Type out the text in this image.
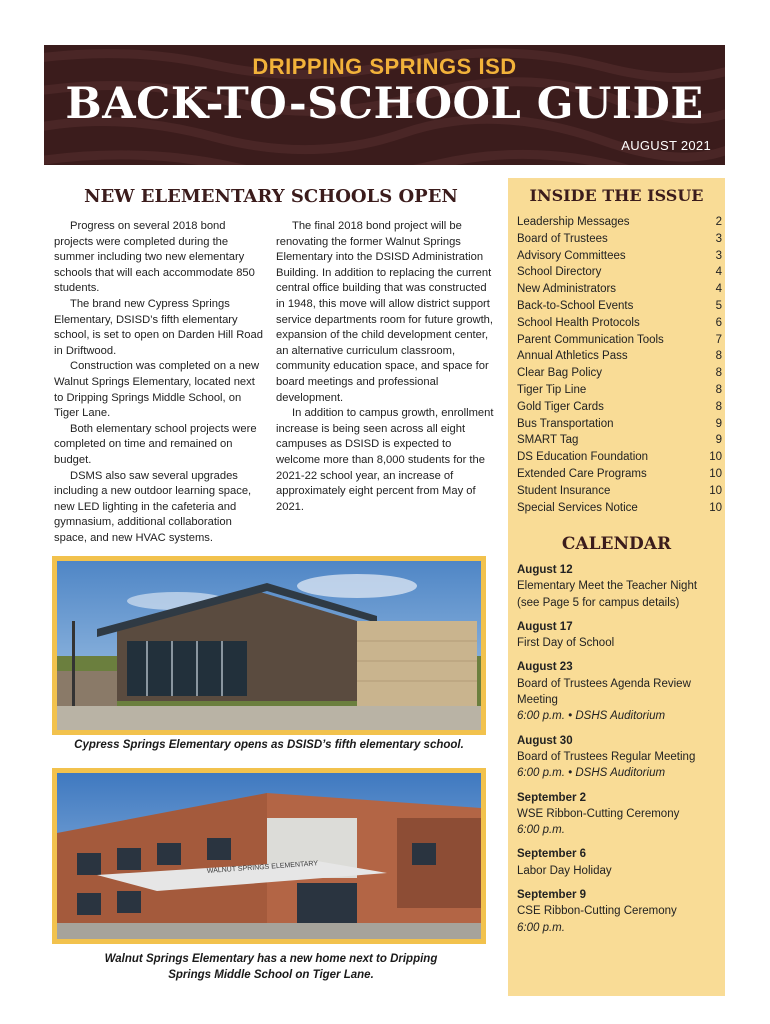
DRIPPING SPRINGS ISD
BACK-TO-SCHOOL GUIDE
AUGUST 2021
NEW ELEMENTARY SCHOOLS OPEN

Progress on several 2018 bond projects were completed during the summer including two new elementary schools that will each accommodate 850 students.

The brand new Cypress Springs Elementary, DSISD’s fifth elementary school, is set to open on Darden Hill Road in Driftwood.

Construction was completed on a new Walnut Springs Elementary, located next to Dripping Springs Middle School, on Tiger Lane.

Both elementary school projects were completed on time and remained on budget.

DSMS also saw several upgrades including a new outdoor learning space, new LED lighting in the cafeteria and gymnasium, additional collaboration space, and new HVAC systems.

The final 2018 bond project will be renovating the former Walnut Springs Elementary into the DSISD Administration Building. In addition to replacing the current central office building that was constructed in 1948, this move will allow district support service departments room for future growth, expansion of the child development center, an alternative curriculum classroom, community education space, and space for board meetings and professional development.

In addition to campus growth, enrollment increase is being seen across all eight campuses as DSISD is expected to welcome more than 8,000 students for the 2021-22 school year, an increase of approximately eight percent from May of 2021.

Cypress Springs Elementary opens as DSISD’s fifth elementary school.
WALNUT SPRINGS ELEMENTARY
Walnut Springs Elementary has a new home next to Dripping Springs Middle School on Tiger Lane.
INSIDE THE ISSUE
Leadership Messages	2
Board of Trustees	3
Advisory Committees	3
School Directory	4
New Administrators	4
Back-to-School Events	5
School Health Protocols	6
Parent Communication Tools	7
Annual Athletics Pass	8
Clear Bag Policy	8
Tiger Tip Line	8
Gold Tiger Cards	8
Bus Transportation	9
SMART Tag	9
DS Education Foundation	10
Extended Care Programs	10
Student Insurance	10
Special Services Notice	10
CALENDAR
August 12
Elementary Meet the Teacher Night (see Page 5 for campus details)
August 17
First Day of School
August 23
Board of Trustees Agenda Review Meeting
6:00 p.m. • DSHS Auditorium
August 30
Board of Trustees Regular Meeting
6:00 p.m. • DSHS Auditorium
September 2
WSE Ribbon-Cutting Ceremony
6:00 p.m.
September 6
Labor Day Holiday
September 9
CSE Ribbon-Cutting Ceremony
6:00 p.m.
